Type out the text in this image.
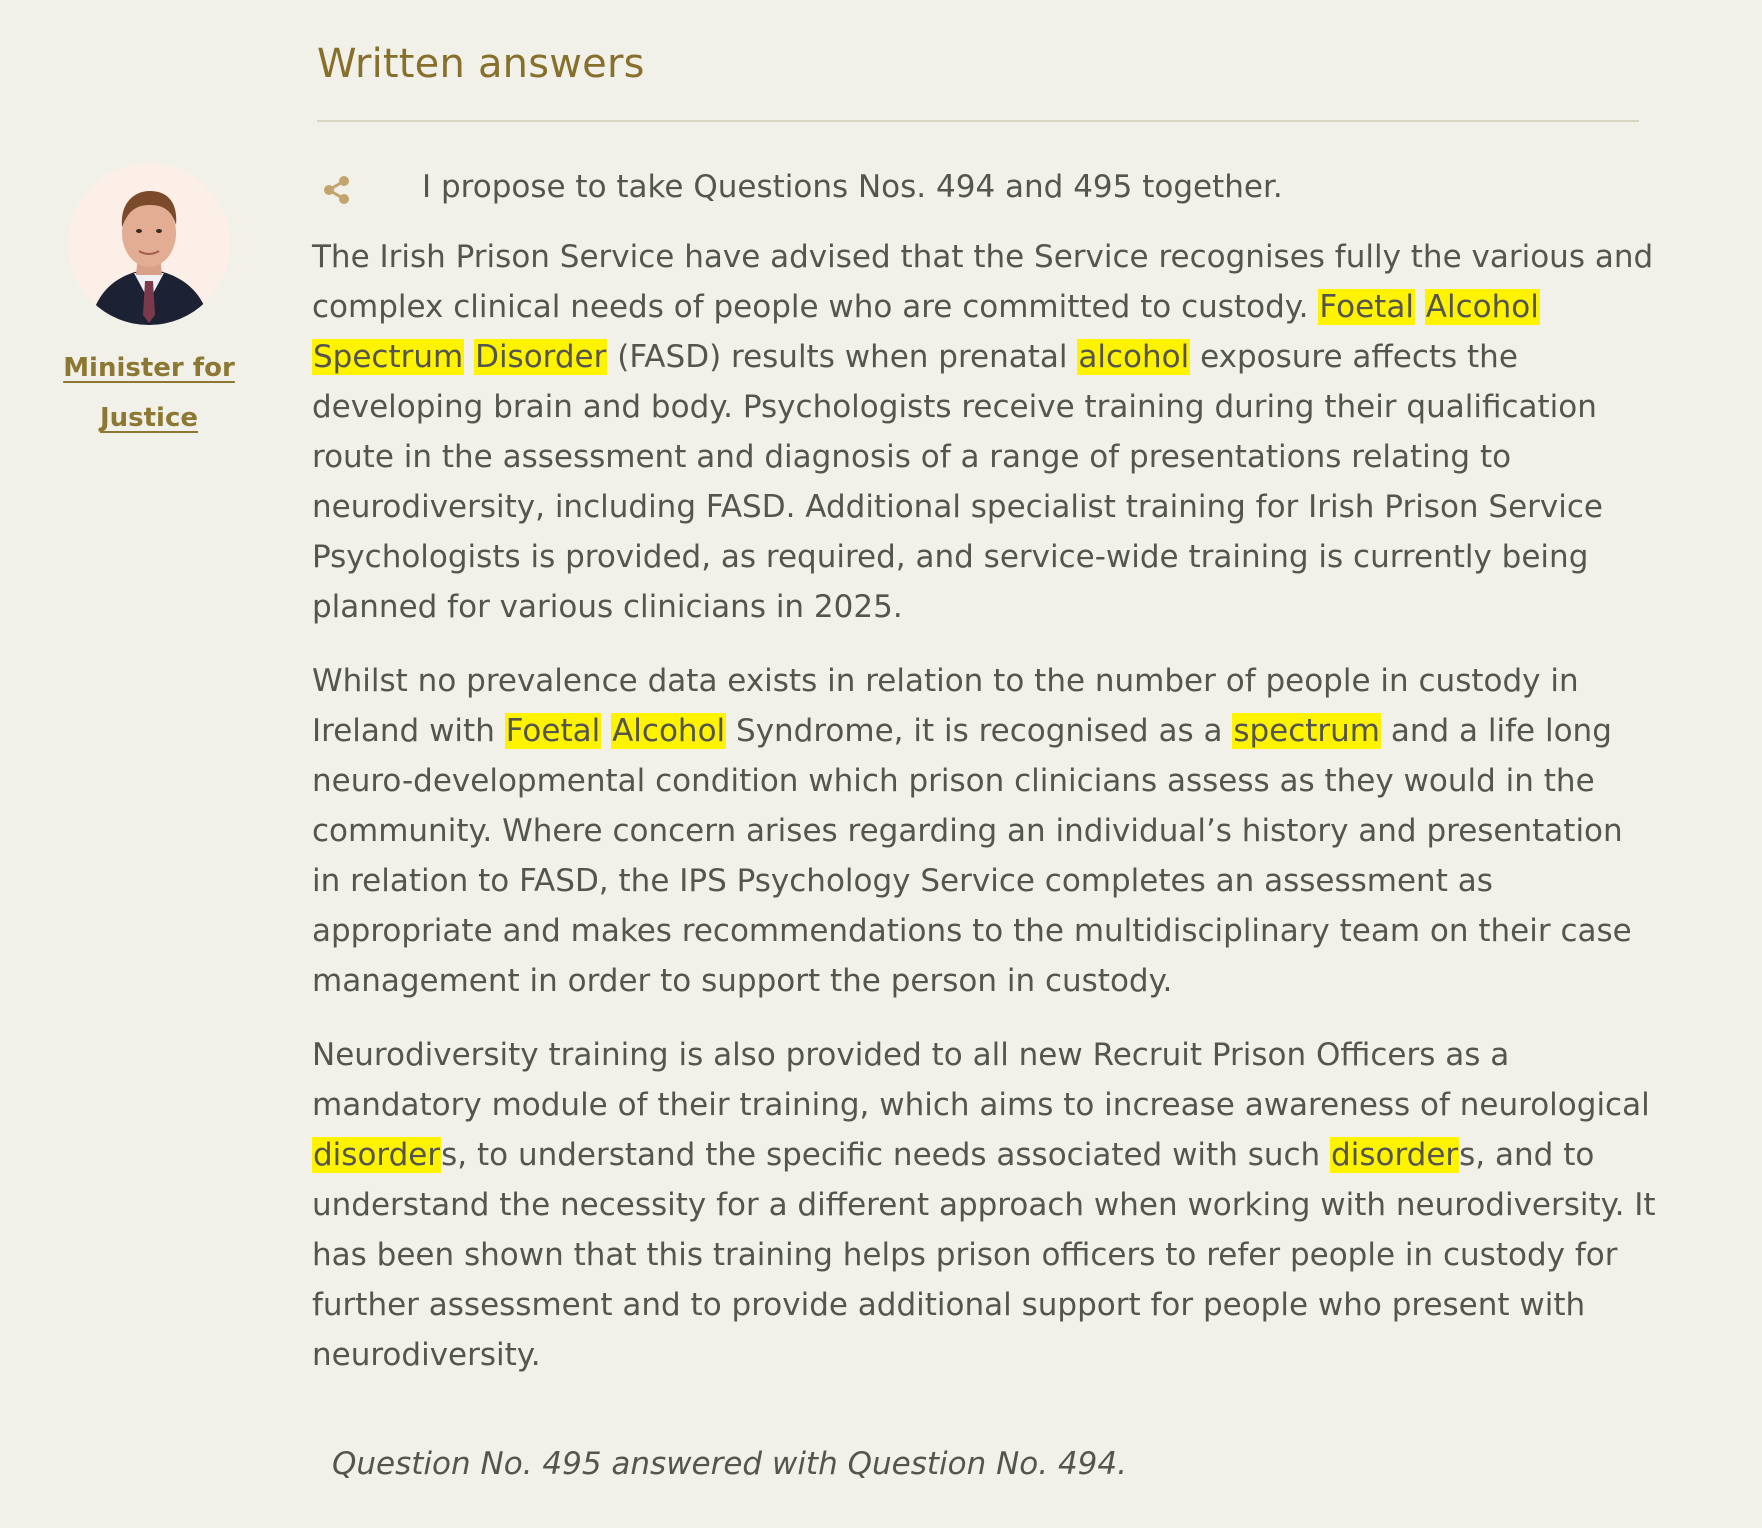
Written answers
Minister for
Justice

I propose to take Questions Nos. 494 and 495 together.

The Irish Prison Service have advised that the Service recognises fully the various and complex clinical needs of people who are committed to custody. Foetal Alcohol Spectrum Disorder (FASD) results when prenatal alcohol exposure affects the developing brain and body. Psychologists receive training during their qualification route in the assessment and diagnosis of a range of presentations relating to neurodiversity, including FASD. Additional specialist training for Irish Prison Service Psychologists is provided, as required, and service-wide training is currently being planned for various clinicians in 2025.

Whilst no prevalence data exists in relation to the number of people in custody in Ireland with Foetal Alcohol Syndrome, it is recognised as a spectrum and a life long neuro-developmental condition which prison clinicians assess as they would in the community. Where concern arises regarding an individual’s history and presentation in relation to FASD, the IPS Psychology Service completes an assessment as appropriate and makes recommendations to the multidisciplinary team on their case management in order to support the person in custody.

Neurodiversity training is also provided to all new Recruit Prison Officers as a mandatory module of their training, which aims to increase awareness of neurological disorders, to understand the specific needs associated with such disorders, and to understand the necessity for a different approach when working with neurodiversity. It has been shown that this training helps prison officers to refer people in custody for further assessment and to provide additional support for people who present with neurodiversity.

Question No. 495 answered with Question No. 494.
